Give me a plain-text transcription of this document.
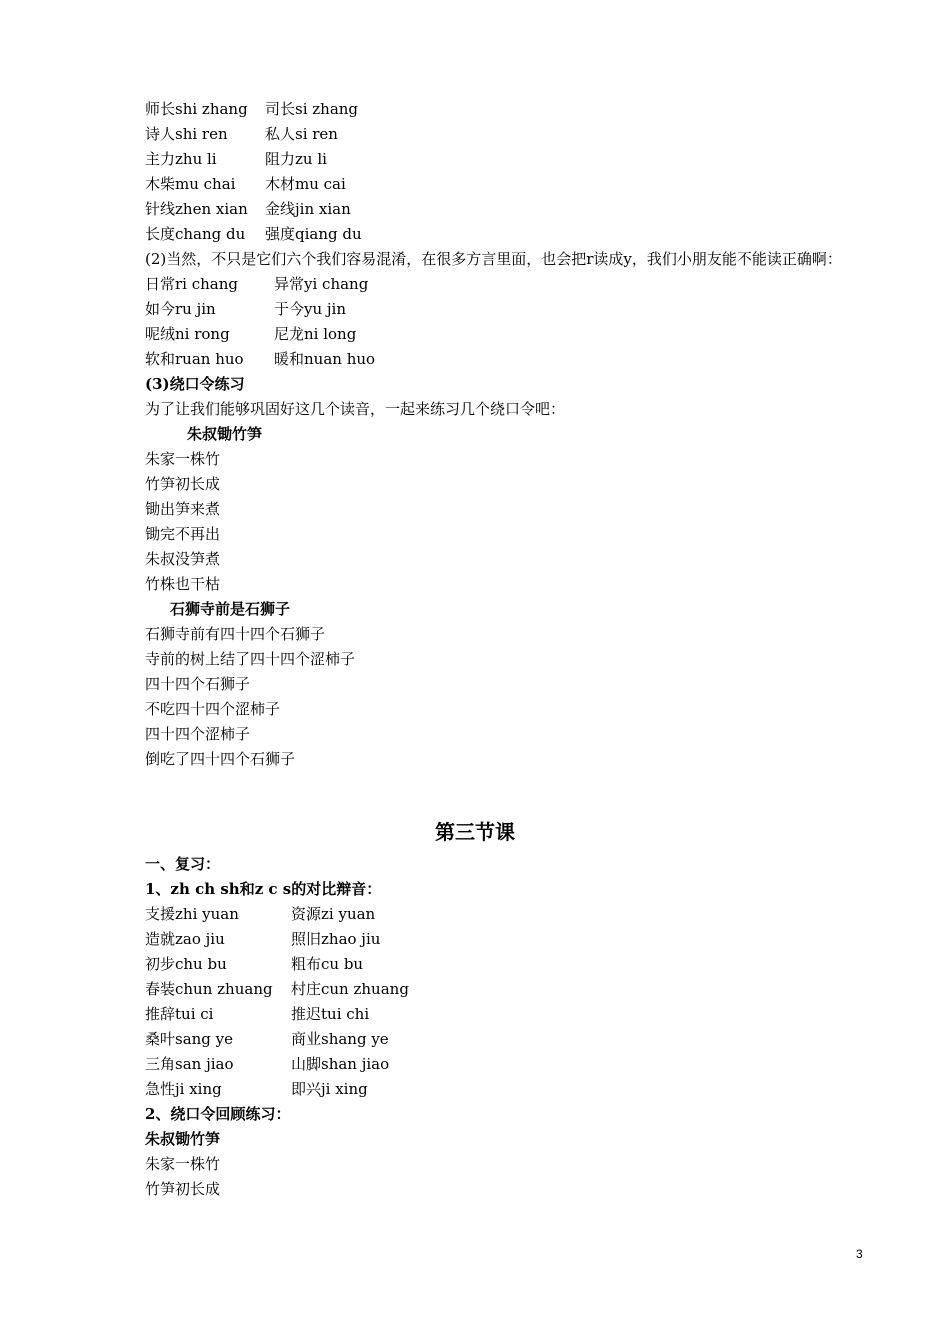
师长shi zhang	司长si zhang
诗人shi ren	私人si ren
主力zhu li	阻力zu li
木柴mu chai	木材mu cai
针线zhen xian	金线jin xian
长度chang du	强度qiang du
(2)当然，不只是它们六个我们容易混淆，在很多方言里面，也会把r读成y，我们小朋友能不能读正确啊：
日常ri chang	异常yi chang
如今ru jin	于今yu jin
呢绒ni rong	尼龙ni long
软和ruan huo	暖和nuan huo
(3)绕口令练习
为了让我们能够巩固好这几个读音，一起来练习几个绕口令吧：
朱叔锄竹笋
朱家一株竹
竹笋初长成
锄出笋来煮
锄完不再出
朱叔没笋煮
竹株也干枯
石狮寺前是石狮子
石狮寺前有四十四个石狮子
寺前的树上结了四十四个涩柿子
四十四个石狮子
不吃四十四个涩柿子
四十四个涩柿子
倒吃了四十四个石狮子
第三节课
一、复习：
1、zh ch sh和z c s的对比辩音：
支援zhi yuan	资源zi yuan
造就zao jiu	照旧zhao jiu
初步chu bu	粗布cu bu
春装chun zhuang	村庄cun zhuang
推辞tui ci	推迟tui chi
桑叶sang ye	商业shang ye
三角san jiao	山脚shan jiao
急性ji xing	即兴ji xing
2、绕口令回顾练习：
朱叔锄竹笋
朱家一株竹
竹笋初长成
3
